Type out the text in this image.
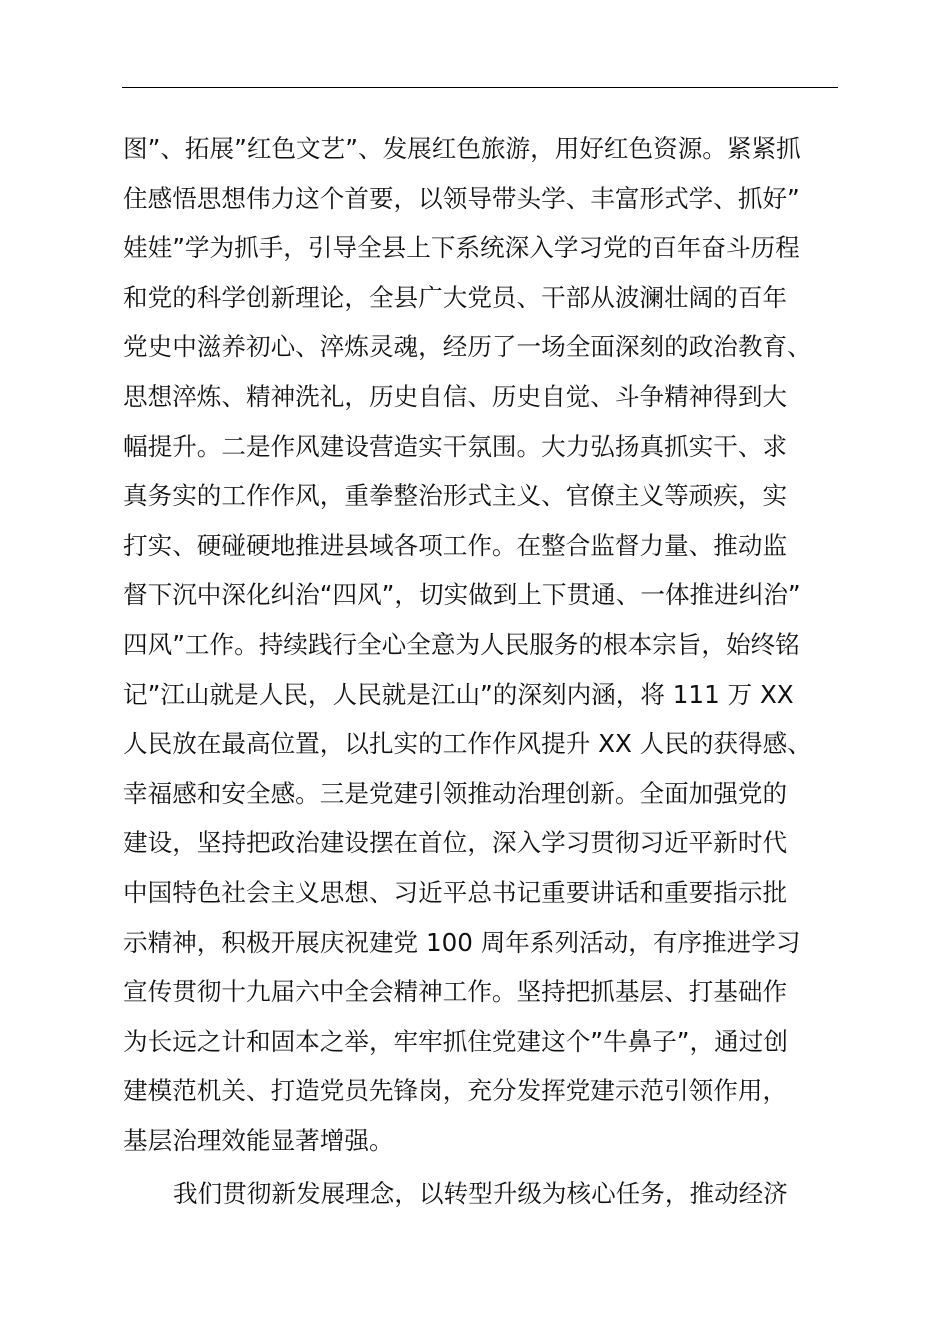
图”、拓展”红色文艺”、发展红色旅游，用好红色资源。紧紧抓
住感悟思想伟力这个首要，以领导带头学、丰富形式学、抓好”
娃娃”学为抓手，引导全县上下系统深入学习党的百年奋斗历程
和党的科学创新理论，全县广大党员、干部从波澜壮阔的百年
党史中滋养初心、淬炼灵魂，经历了一场全面深刻的政治教育、
思想淬炼、精神洗礼，历史自信、历史自觉、斗争精神得到大
幅提升。二是作风建设营造实干氛围。大力弘扬真抓实干、求
真务实的工作作风，重拳整治形式主义、官僚主义等顽疾，实
打实、硬碰硬地推进县域各项工作。在整合监督力量、推动监
督下沉中深化纠治“四风”，切实做到上下贯通、一体推进纠治”
四风”工作。持续践行全心全意为人民服务的根本宗旨，始终铭
记”江山就是人民，人民就是江山”的深刻内涵，将 111 万 XX
人民放在最高位置，以扎实的工作作风提升 XX 人民的获得感、
幸福感和安全感。三是党建引领推动治理创新。全面加强党的
建设，坚持把政治建设摆在首位，深入学习贯彻习近平新时代
中国特色社会主义思想、习近平总书记重要讲话和重要指示批
示精神，积极开展庆祝建党 100 周年系列活动，有序推进学习
宣传贯彻十九届六中全会精神工作。坚持把抓基层、打基础作
为长远之计和固本之举，牢牢抓住党建这个”牛鼻子”，通过创
建模范机关、打造党员先锋岗，充分发挥党建示范引领作用，
基层治理效能显著增强。
我们贯彻新发展理念，以转型升级为核心任务，推动经济
